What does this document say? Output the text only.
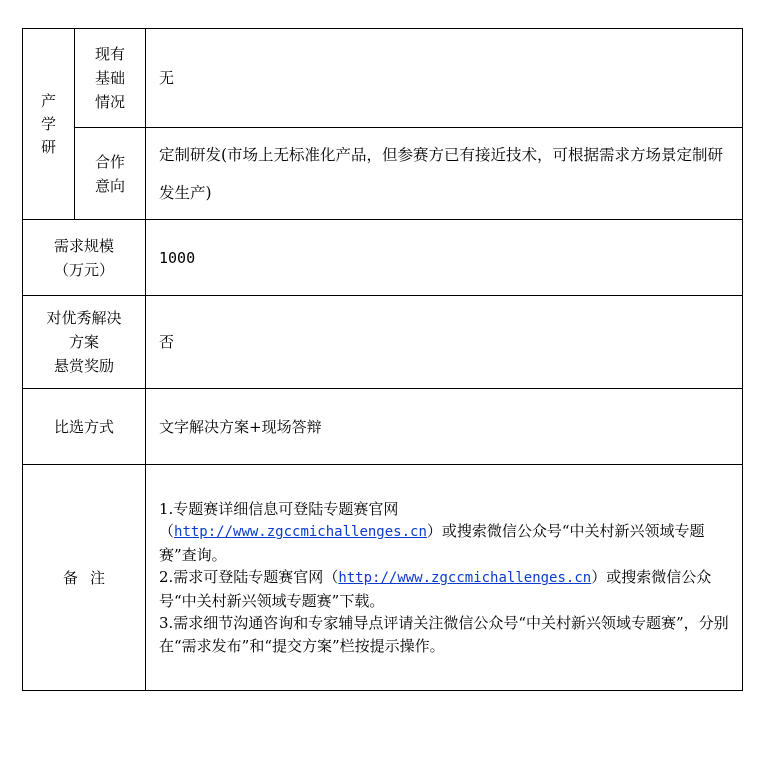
产学研	现有
基础
情况	无

	合作
意向	定制研发(市场上无标准化产品，但参赛方已有接近技术，可根据需求方场景定制研发生产)

需求规模
（万元）		1000

对优秀解决
方案
悬赏奖励		否
比选方式		文字解决方案+现场答辩
备注		1.专题赛详细信息可登陆专题赛官网
（http://www.zgccmichallenges.cn）或搜索微信公众号“中关村新兴领域专题赛”查询。

2.需求可登陆专题赛官网（http://www.zgccmichallenges.cn）或搜索微信公众号“中关村新兴领域专题赛”下载。

3.需求细节沟通咨询和专家辅导点评请关注微信公众号“中关村新兴领域专题赛”，分别在“需求发布”和“提交方案”栏按提示操作。
